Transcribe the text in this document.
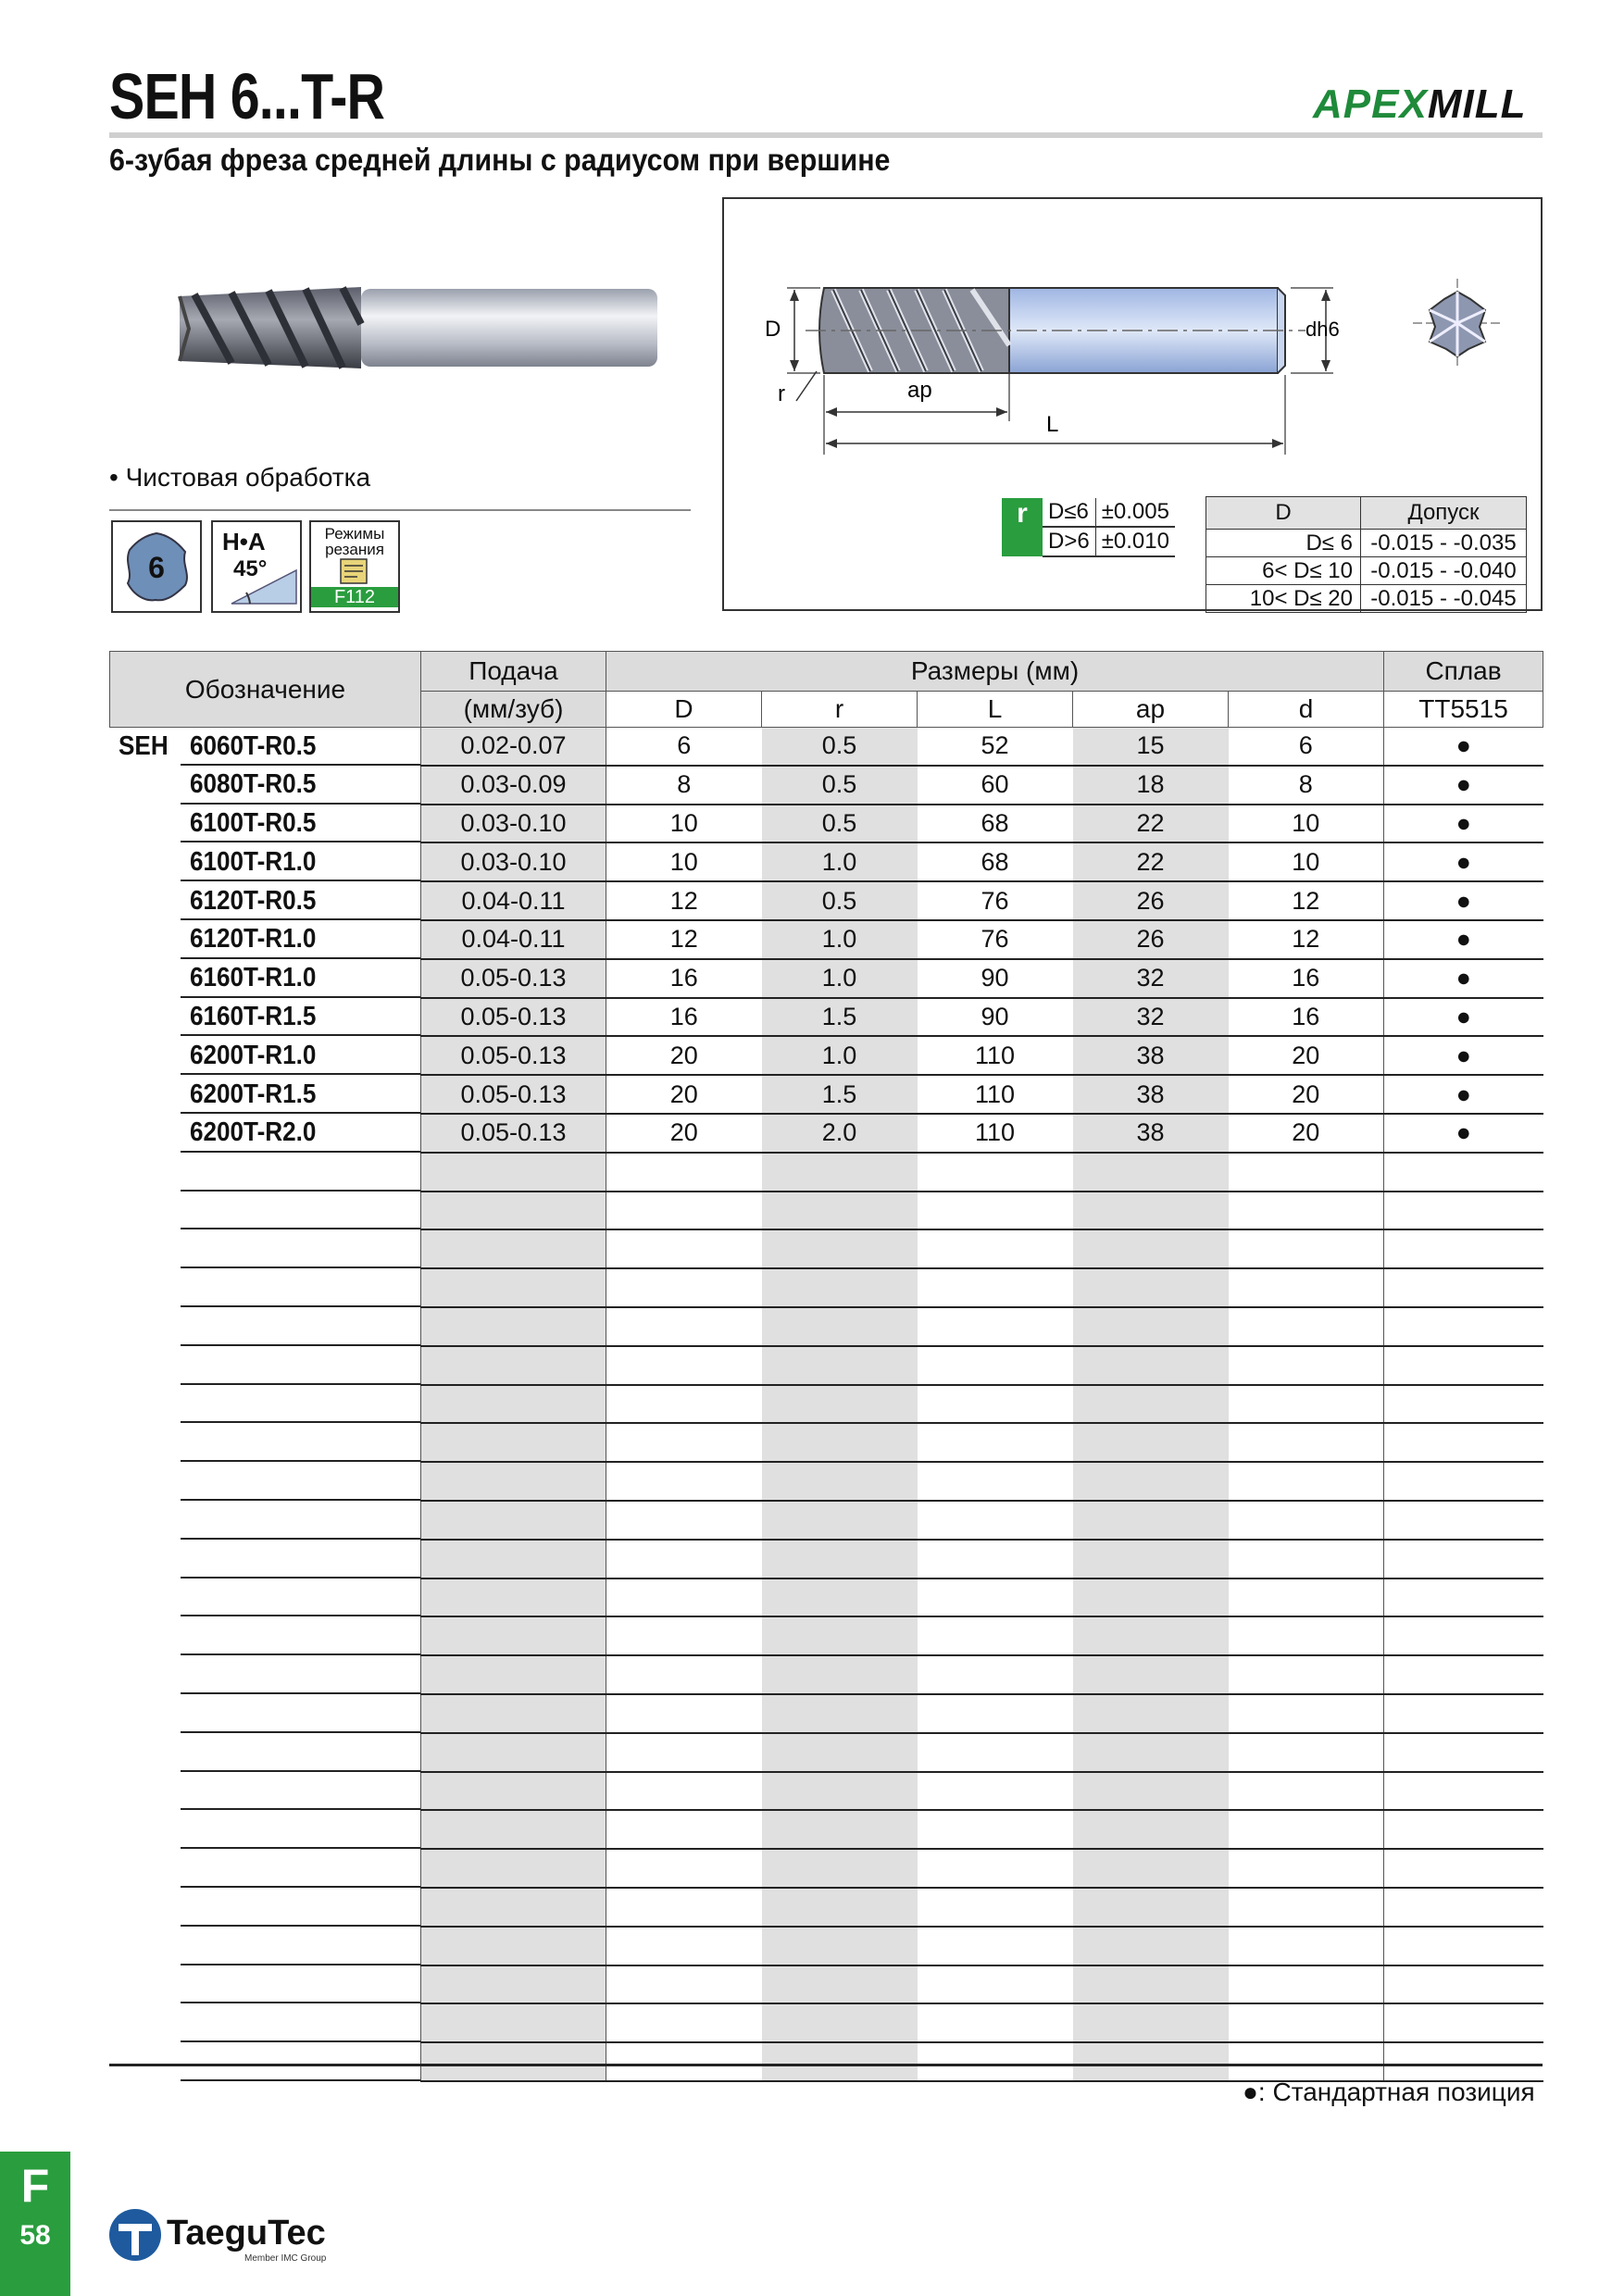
SEH 6...T-R	APEXMILL
6-зубая фреза средней длины с радиусом при вершине
• Чистовая обработка
6
H•A
45°
Режимы резания
F112
D	dh6
r	ap
L
r	D≤6	±0.005
	D>6	±0.010
D	Допуск
D≤ 6	-0.015 - -0.035
6< D≤ 10	-0.015 - -0.040
10< D≤ 20	-0.015 - -0.045
Обозначение	Подача	Размеры (мм)					Сплав
	(мм/зуб)	D	r	L	ap	d	TT5515
SEH 6060T-R0.5	0.02-0.07	6	0.5	52	15	6	●
6080T-R0.5	0.03-0.09	8	0.5	60	18	8	●
6100T-R0.5	0.03-0.10	10	0.5	68	22	10	●
6100T-R1.0	0.03-0.10	10	1.0	68	22	10	●
6120T-R0.5	0.04-0.11	12	0.5	76	26	12	●
6120T-R1.0	0.04-0.11	12	1.0	76	26	12	●
6160T-R1.0	0.05-0.13	16	1.0	90	32	16	●
6160T-R1.5	0.05-0.13	16	1.5	90	32	16	●
6200T-R1.0	0.05-0.13	20	1.0	110	38	20	●
6200T-R1.5	0.05-0.13	20	1.5	110	38	20	●
6200T-R2.0	0.05-0.13	20	2.0	110	38	20	●

●: Стандартная позиция
F
58	TaeguTec
Member IMC Group
